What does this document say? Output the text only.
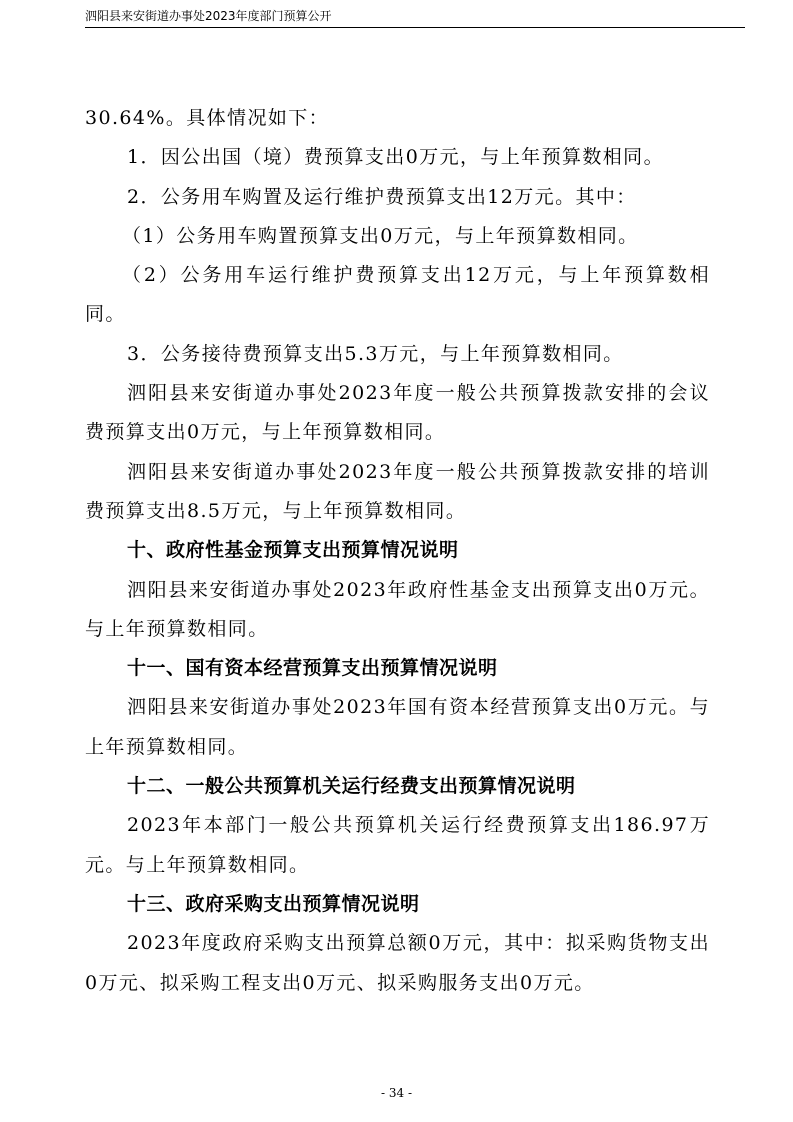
泗阳县来安街道办事处2023年度部门预算公开

30.64%。具体情况如下：

1．因公出国（境）费预算支出0万元，与上年预算数相同。

2．公务用车购置及运行维护费预算支出12万元。其中：

（1）公务用车购置预算支出0万元，与上年预算数相同。

（2）公务用车运行维护费预算支出12万元，与上年预算数相同。

3．公务接待费预算支出5.3万元，与上年预算数相同。

泗阳县来安街道办事处2023年度一般公共预算拨款安排的会议费预算支出0万元，与上年预算数相同。

泗阳县来安街道办事处2023年度一般公共预算拨款安排的培训费预算支出8.5万元，与上年预算数相同。

十、政府性基金预算支出预算情况说明

泗阳县来安街道办事处2023年政府性基金支出预算支出0万元。与上年预算数相同。

十一、国有资本经营预算支出预算情况说明

泗阳县来安街道办事处2023年国有资本经营预算支出0万元。与上年预算数相同。

十二、一般公共预算机关运行经费支出预算情况说明

2023年本部门一般公共预算机关运行经费预算支出186.97万元。与上年预算数相同。

十三、政府采购支出预算情况说明

2023年度政府采购支出预算总额0万元，其中：拟采购货物支出0万元、拟采购工程支出0万元、拟采购服务支出0万元。

- 34 -
